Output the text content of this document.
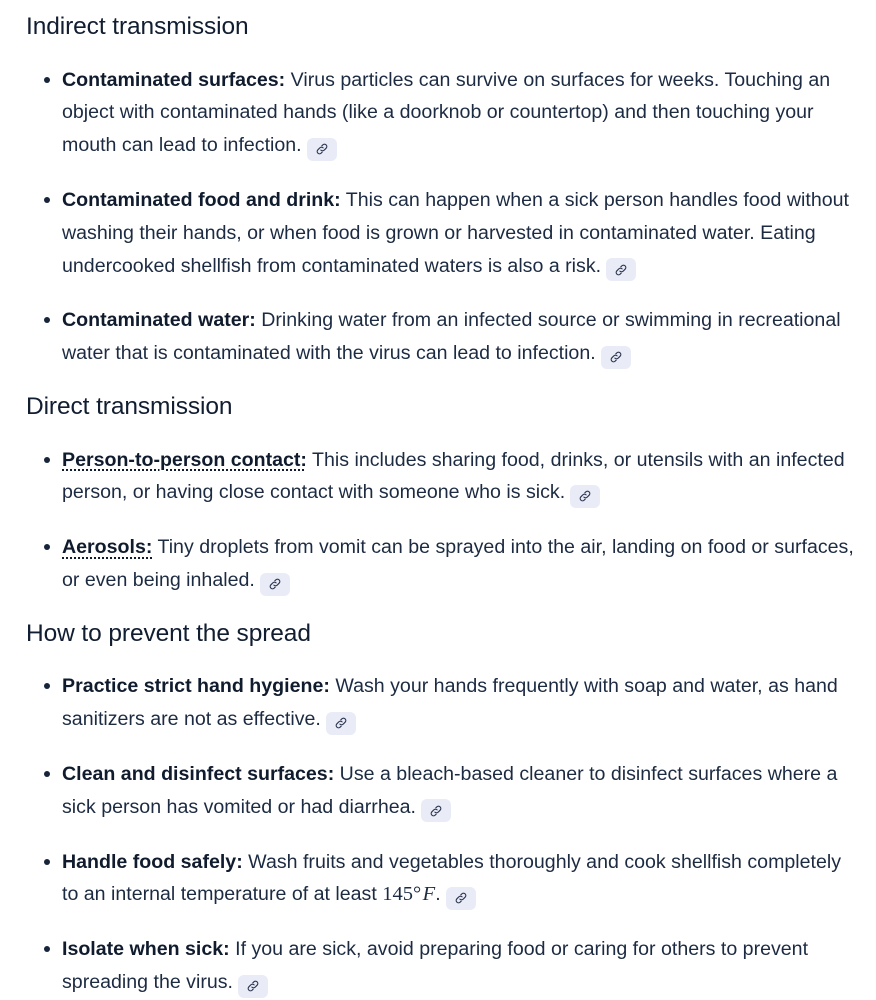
Indirect transmission
Contaminated surfaces: Virus particles can survive on surfaces for weeks. Touching an object with contaminated hands (like a doorknob or countertop) and then touching your mouth can lead to infection.
Contaminated food and drink: This can happen when a sick person handles food without washing their hands, or when food is grown or harvested in contaminated water. Eating undercooked shellfish from contaminated waters is also a risk.
Contaminated water: Drinking water from an infected source or swimming in recreational water that is contaminated with the virus can lead to infection.
Direct transmission
Person-to-person contact: This includes sharing food, drinks, or utensils with an infected person, or having close contact with someone who is sick.
Aerosols: Tiny droplets from vomit can be sprayed into the air, landing on food or surfaces, or even being inhaled.
How to prevent the spread
Practice strict hand hygiene: Wash your hands frequently with soap and water, as hand sanitizers are not as effective.
Clean and disinfect surfaces: Use a bleach-based cleaner to disinfect surfaces where a sick person has vomited or had diarrhea.
Handle food safely: Wash fruits and vegetables thoroughly and cook shellfish completely to an internal temperature of at least 145°F.
Isolate when sick: If you are sick, avoid preparing food or caring for others to prevent spreading the virus.
